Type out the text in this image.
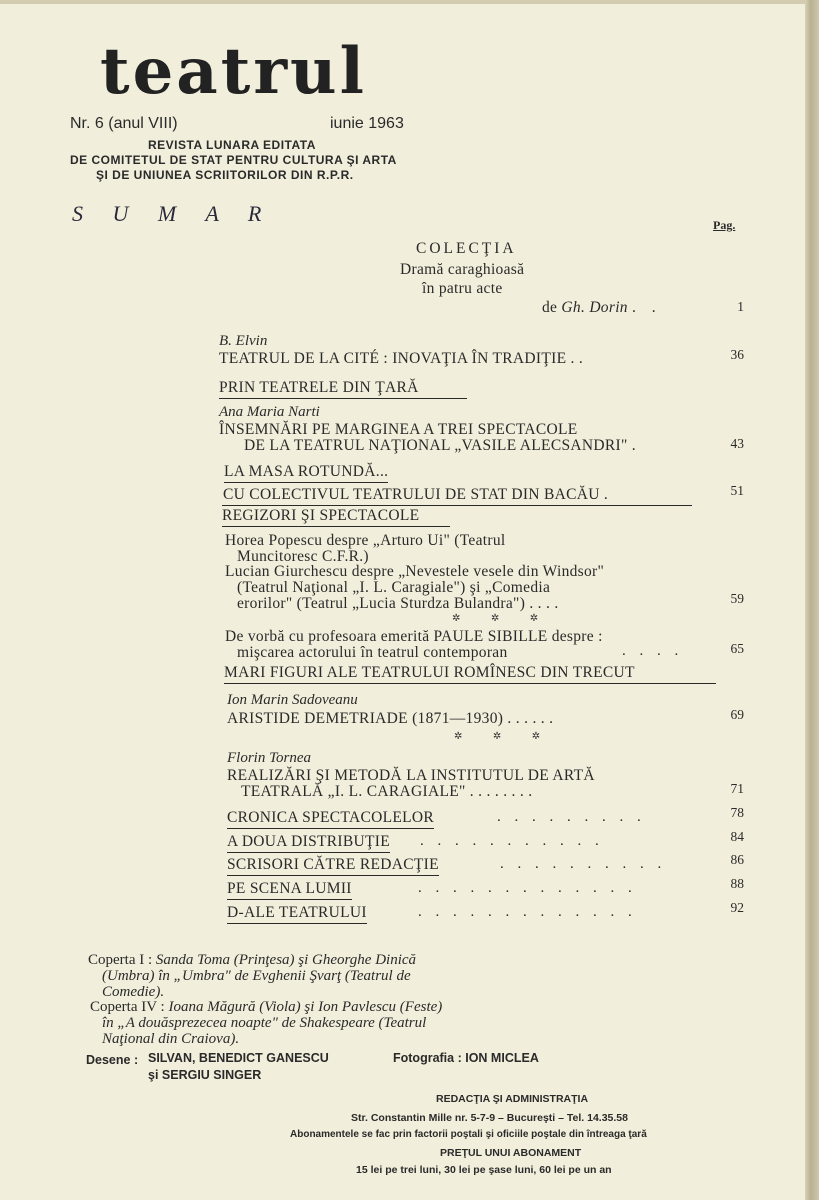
teatrul
Nr. 6 (anul VIII)	iunie 1963
REVISTA LUNARA EDITATA
DE COMITETUL DE STAT PENTRU CULTURA ŞI ARTA
ŞI DE UNIUNEA SCRIITORILOR DIN R.P.R.
S U M A R	Pag.
COLECŢIA
Dramă caraghioasă
în patru acte
de Gh. Dorin . .	1
B. Elvin
TEATRUL DE LA CITÉ : INOVAŢIA ÎN TRADIŢIE . .	36
PRIN TEATRELE DIN ŢARĂ
Ana Maria Narti
ÎNSEMNĂRI PE MARGINEA A TREI SPECTACOLE
DE LA TEATRUL NAŢIONAL „VASILE ALECSANDRI" .	43
LA MASA ROTUNDĂ...
CU COLECTIVUL TEATRULUI DE STAT DIN BACĂU .	51
REGIZORI ŞI SPECTACOLE
Horea Popescu despre „Arturo Ui" (Teatrul
Muncitoresc C.F.R.)
Lucian Giurchescu despre „Nevestele vesele din Windsor"
(Teatrul Naţional „I. L. Caragiale") şi „Comedia
erorilor" (Teatrul „Lucia Sturdza Bulandra") . . . .	59
✲ ✲ ✲
De vorbă cu profesoara emerită PAULE SIBILLE despre :
mişcarea actorului în teatrul contemporan	. . . .	65
MARI FIGURI ALE TEATRULUI ROMÎNESC DIN TRECUT
Ion Marin Sadoveanu
ARISTIDE DEMETRIADE (1871—1930) . . . . . .	69
✲ ✲ ✲
Florin Tornea
REALIZĂRI ŞI METODĂ LA INSTITUTUL DE ARTĂ
TEATRALĂ „I. L. CARAGIALE" . . . . . . . .	71
CRONICA SPECTACOLELOR	. . . . . . . . .	78
A DOUA DISTRIBUŢIE . . . . . . . . . . .	84
SCRISORI CĂTRE REDACŢIE	. . . . . . . . . .	86
PE SCENA LUMII	. . . . . . . . . . . . .	88
D-ALE TEATRULUI	. . . . . . . . . . . . .	92
Coperta I : Sanda Toma (Prinţesa) şi Gheorghe Dinică
(Umbra) în „Umbra" de Evghenii Şvarţ (Teatrul de
Comedie).
Coperta IV : Ioana Măgură (Viola) şi Ion Pavlescu (Feste)
în „A douăsprezecea noapte" de Shakespeare (Teatrul
Naţional din Craiova).
Desene : SILVAN, BENEDICT GANESCU
şi SERGIU SINGER
Fotografia : ION MICLEA
REDACŢIA ŞI ADMINISTRAŢIA
Str. Constantin Mille nr. 5-7-9 – Bucureşti – Tel. 14.35.58
Abonamentele se fac prin factorii poştali şi oficiile poştale din întreaga ţară
PREŢUL UNUI ABONAMENT
15 lei pe trei luni, 30 lei pe şase luni, 60 lei pe un an
